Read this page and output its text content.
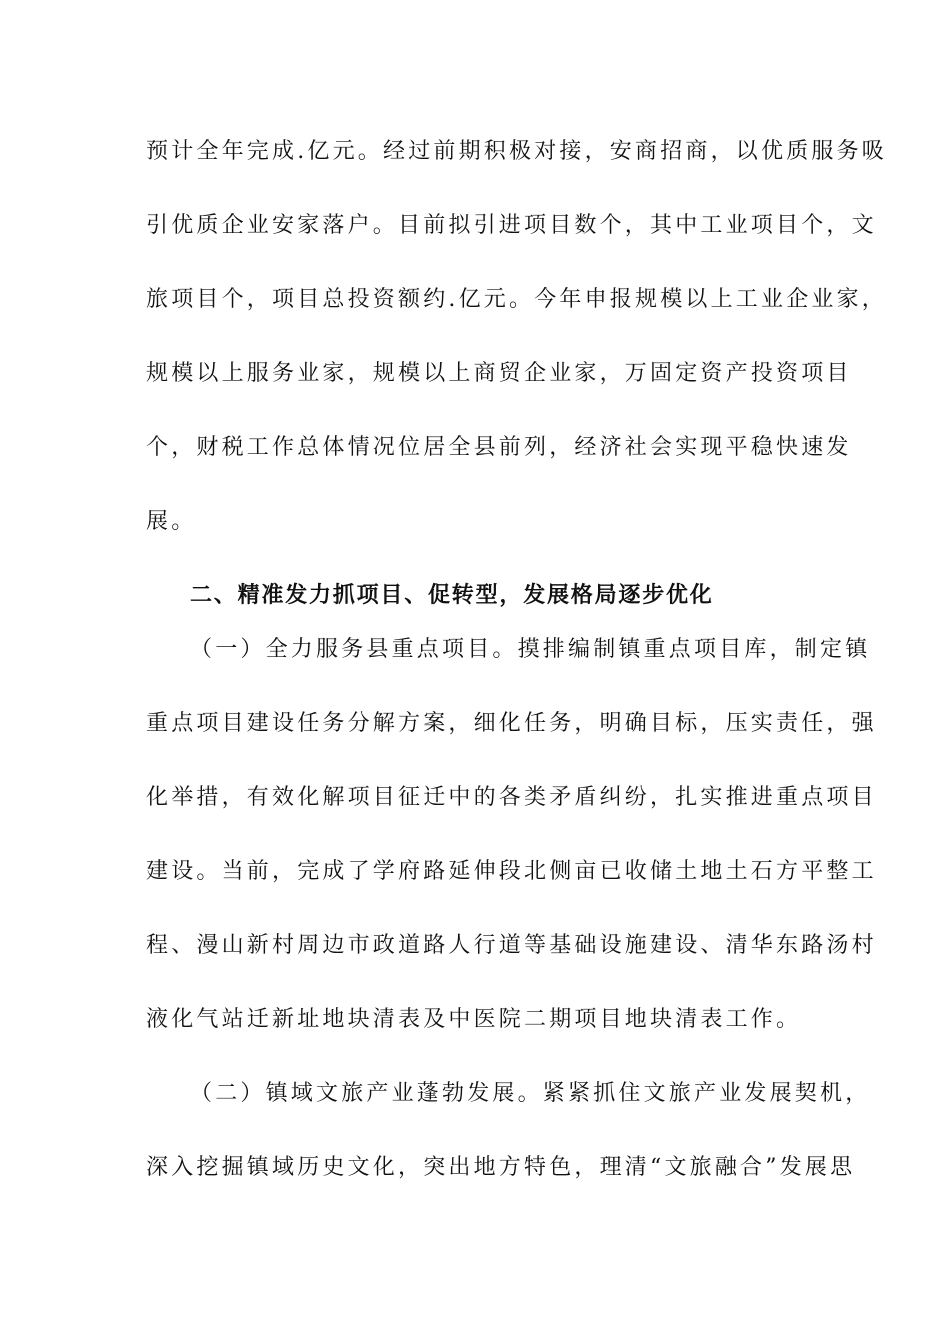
预计全年完成.亿元。经过前期积极对接，安商招商，以优质服务吸
引优质企业安家落户。目前拟引进项目数个，其中工业项目个，文
旅项目个，项目总投资额约.亿元。今年申报规模以上工业企业家，
规模以上服务业家，规模以上商贸企业家，万固定资产投资项目
个，财税工作总体情况位居全县前列，经济社会实现平稳快速发
展。
二、精准发力抓项目、促转型，发展格局逐步优化
（一）全力服务县重点项目。摸排编制镇重点项目库，制定镇
重点项目建设任务分解方案，细化任务，明确目标，压实责任，强
化举措，有效化解项目征迁中的各类矛盾纠纷，扎实推进重点项目
建设。当前，完成了学府路延伸段北侧亩已收储土地土石方平整工
程、漫山新村周边市政道路人行道等基础设施建设、清华东路汤村
液化气站迁新址地块清表及中医院二期项目地块清表工作。
（二）镇域文旅产业蓬勃发展。紧紧抓住文旅产业发展契机，
深入挖掘镇域历史文化，突出地方特色，理清“文旅融合”发展思
